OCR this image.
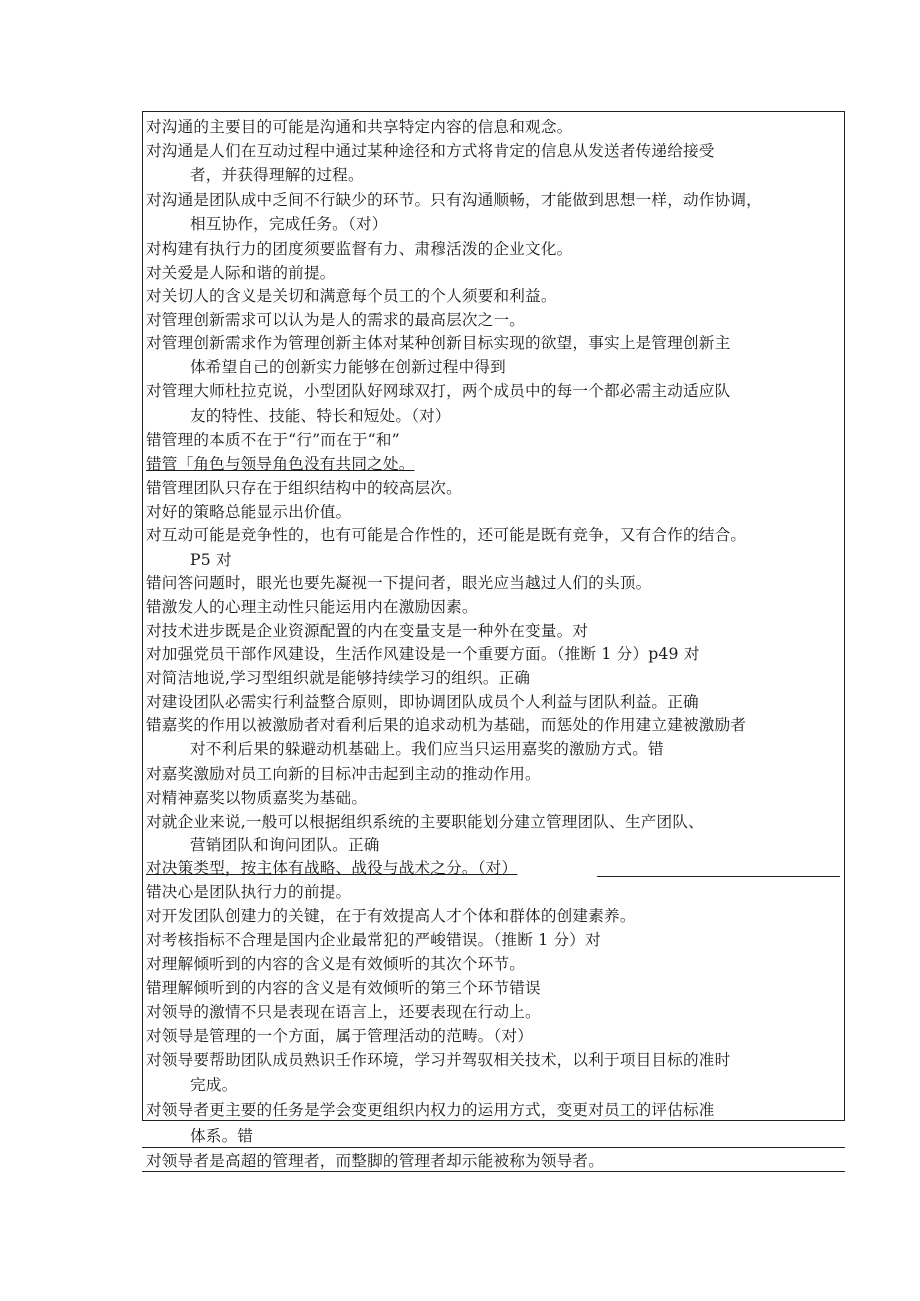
对沟通的主要目的可能是沟通和共享特定内容的信息和观念。
对沟通是人们在互动过程中通过某种途径和方式将肯定的信息从发送者传递给接受
者，并获得理解的过程。
对沟通是团队成中乏间不行缺少的环节。只有沟通顺畅，才能做到思想一样，动作协调，
相互协作，完成任务。（对）
对构建有执行力的团度须要监督有力、肃穆活泼的企业文化。
对关爱是人际和谐的前提。
对关切人的含义是关切和满意每个员工的个人须要和利益。
对管理创新需求可以认为是人的需求的最高层次之一。
对管理创新需求作为管理创新主体对某种创新目标实现的欲望，事实上是管理创新主
体希望自己的创新实力能够在创新过程中得到
对管理大师杜拉克说，小型团队好网球双打，两个成员中的每一个都必需主动适应队
友的特性、技能、特长和短处。（对）
错管理的本质不在于“行”而在于“和”
错管「角色与领导角色没有共同之处。
错管理团队只存在于组织结构中的较高层次。
对好的策略总能显示出价值。
对互动可能是竞争性的，也有可能是合作性的，还可能是既有竞争，又有合作的结合。
P5 对
错问答问题时，眼光也要先凝视一下提问者，眼光应当越过人们的头顶。
错激发人的心理主动性只能运用内在激励因素。
对技术进步既是企业资源配置的内在变量支是一种外在变量。对
对加强党员干部作风建设，生活作风建设是一个重要方面。（推断 1 分）p49 对
对简洁地说,学习型组织就是能够持续学习的组织。正确
对建设团队必需实行利益整合原则，即协调团队成员个人利益与团队利益。正确
错嘉奖的作用以被激励者对看利后果的追求动机为基础，而惩处的作用建立建被激励者
对不利后果的躲避动机基础上。我们应当只运用嘉奖的激励方式。错
对嘉奖激励对员工向新的目标冲击起到主动的推动作用。
对精神嘉奖以物质嘉奖为基础。
对就企业来说,一般可以根据组织系统的主要职能划分建立管理团队、生产团队、
营销团队和询问团队。正确
对决策类型，按主体有战略、战役与战术之分。（对）
错决心是团队执行力的前提。
对开发团队创建力的关键，在于有效提高人才个体和群体的创建素养。
对考核指标不合理是国内企业最常犯的严峻错误。（推断 1 分）对
对理解倾听到的内容的含义是有效倾听的其次个环节。
错理解倾听到的内容的含义是有效倾听的第三个环节错误
对领导的激情不只是表现在语言上，还要表现在行动上。
对领导是管理的一个方面，属于管理活动的范畴。（对）
对领导要帮助团队成员熟识壬作环境，学习并驾驭相关技术，以利于项目目标的准时
完成。
对领导者更主要的任务是学会变更组织内权力的运用方式，变更对员工的评估标准
体系。错
对领导者是高超的管理者，而整脚的管理者却示能被称为领导者。
